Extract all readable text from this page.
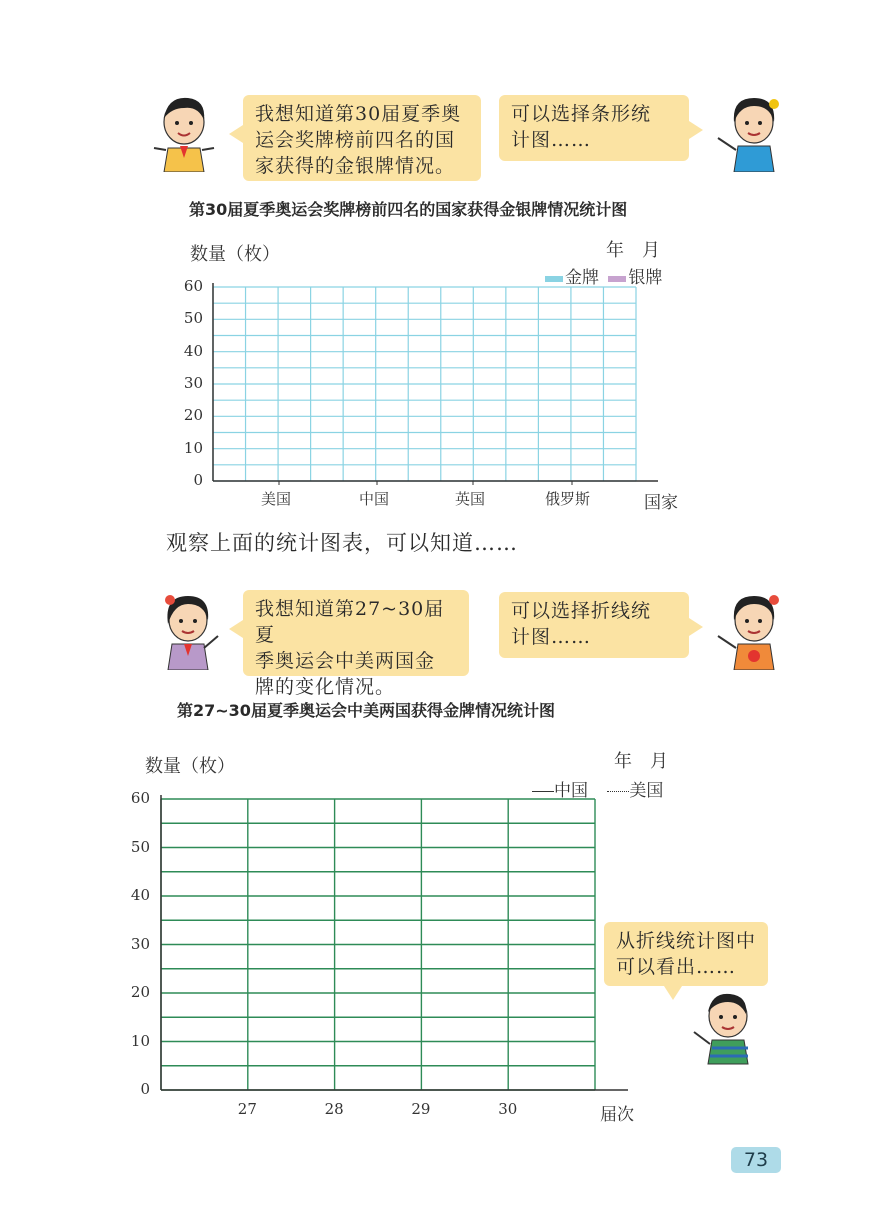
我想知道第30届夏季奥
运会奖牌榜前四名的国
家获得的金银牌情况。
可以选择条形统
计图……
第30届夏季奥运会奖牌榜前四名的国家获得金银牌情况统计图
数量（枚）	年　月
金牌 银牌
0
10
20
30
40
50
60
美国	中国	英国	俄罗斯	国家
观察上面的统计图表，可以知道……
我想知道第27~30届夏
季奥运会中美两国金
牌的变化情况。
可以选择折线统
计图……
第27~30届夏季奥运会中美两国获得金牌情况统计图
数量（枚）	年　月
中国 美国
0
10
20
30
40
50
60
27	28	29	30	届次
从折线统计图中
可以看出……
73
